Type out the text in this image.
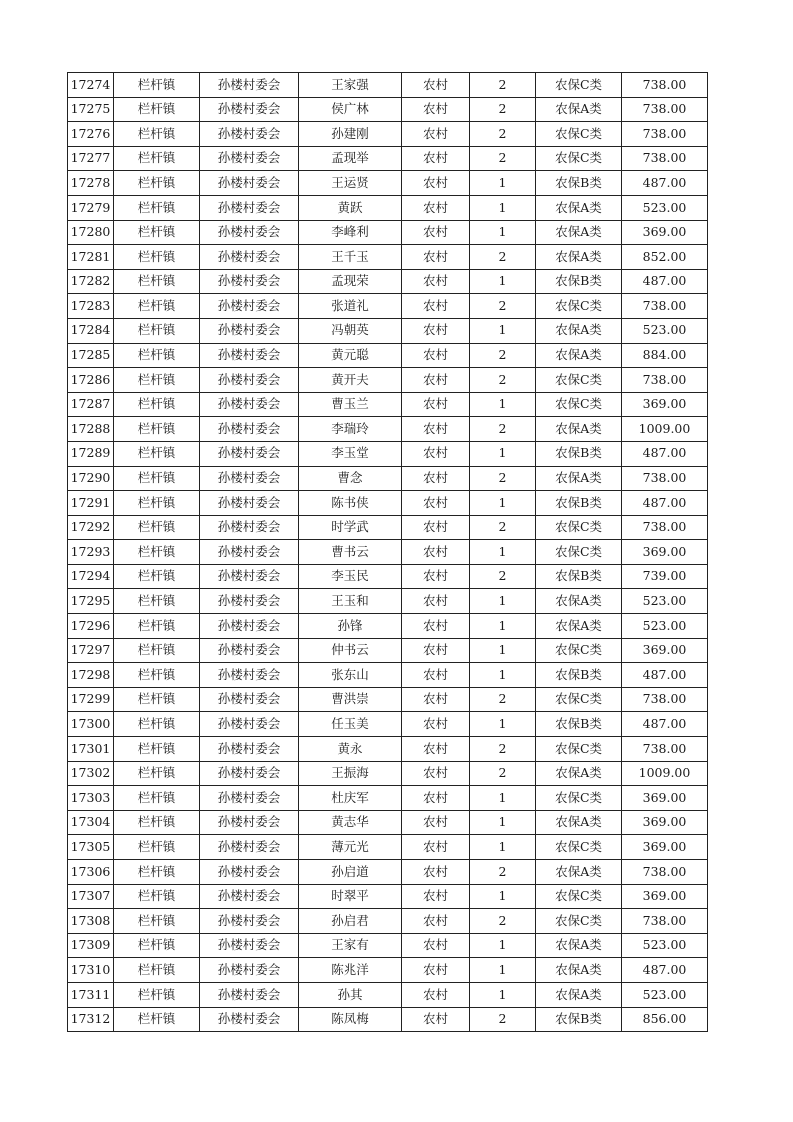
17274	栏杆镇	孙楼村委会	王家强	农村	2	农保C类	738.00
17275	栏杆镇	孙楼村委会	侯广林	农村	2	农保A类	738.00
17276	栏杆镇	孙楼村委会	孙建刚	农村	2	农保C类	738.00
17277	栏杆镇	孙楼村委会	孟现举	农村	2	农保C类	738.00
17278	栏杆镇	孙楼村委会	王运贤	农村	1	农保B类	487.00
17279	栏杆镇	孙楼村委会	黄跃	农村	1	农保A类	523.00
17280	栏杆镇	孙楼村委会	李峰利	农村	1	农保A类	369.00
17281	栏杆镇	孙楼村委会	王千玉	农村	2	农保A类	852.00
17282	栏杆镇	孙楼村委会	孟现荣	农村	1	农保B类	487.00
17283	栏杆镇	孙楼村委会	张道礼	农村	2	农保C类	738.00
17284	栏杆镇	孙楼村委会	冯朝英	农村	1	农保A类	523.00
17285	栏杆镇	孙楼村委会	黄元聪	农村	2	农保A类	884.00
17286	栏杆镇	孙楼村委会	黄开夫	农村	2	农保C类	738.00
17287	栏杆镇	孙楼村委会	曹玉兰	农村	1	农保C类	369.00
17288	栏杆镇	孙楼村委会	李瑞玲	农村	2	农保A类	1009.00
17289	栏杆镇	孙楼村委会	李玉堂	农村	1	农保B类	487.00
17290	栏杆镇	孙楼村委会	曹念	农村	2	农保A类	738.00
17291	栏杆镇	孙楼村委会	陈书侠	农村	1	农保B类	487.00
17292	栏杆镇	孙楼村委会	时学武	农村	2	农保C类	738.00
17293	栏杆镇	孙楼村委会	曹书云	农村	1	农保C类	369.00
17294	栏杆镇	孙楼村委会	李玉民	农村	2	农保B类	739.00
17295	栏杆镇	孙楼村委会	王玉和	农村	1	农保A类	523.00
17296	栏杆镇	孙楼村委会	孙锋	农村	1	农保A类	523.00
17297	栏杆镇	孙楼村委会	仲书云	农村	1	农保C类	369.00
17298	栏杆镇	孙楼村委会	张东山	农村	1	农保B类	487.00
17299	栏杆镇	孙楼村委会	曹洪崇	农村	2	农保C类	738.00
17300	栏杆镇	孙楼村委会	任玉美	农村	1	农保B类	487.00
17301	栏杆镇	孙楼村委会	黄永	农村	2	农保C类	738.00
17302	栏杆镇	孙楼村委会	王振海	农村	2	农保A类	1009.00
17303	栏杆镇	孙楼村委会	杜庆军	农村	1	农保C类	369.00
17304	栏杆镇	孙楼村委会	黄志华	农村	1	农保A类	369.00
17305	栏杆镇	孙楼村委会	薄元光	农村	1	农保C类	369.00
17306	栏杆镇	孙楼村委会	孙启道	农村	2	农保A类	738.00
17307	栏杆镇	孙楼村委会	时翠平	农村	1	农保C类	369.00
17308	栏杆镇	孙楼村委会	孙启君	农村	2	农保C类	738.00
17309	栏杆镇	孙楼村委会	王家有	农村	1	农保A类	523.00
17310	栏杆镇	孙楼村委会	陈兆洋	农村	1	农保A类	487.00
17311	栏杆镇	孙楼村委会	孙其	农村	1	农保A类	523.00
17312	栏杆镇	孙楼村委会	陈凤梅	农村	2	农保B类	856.00
